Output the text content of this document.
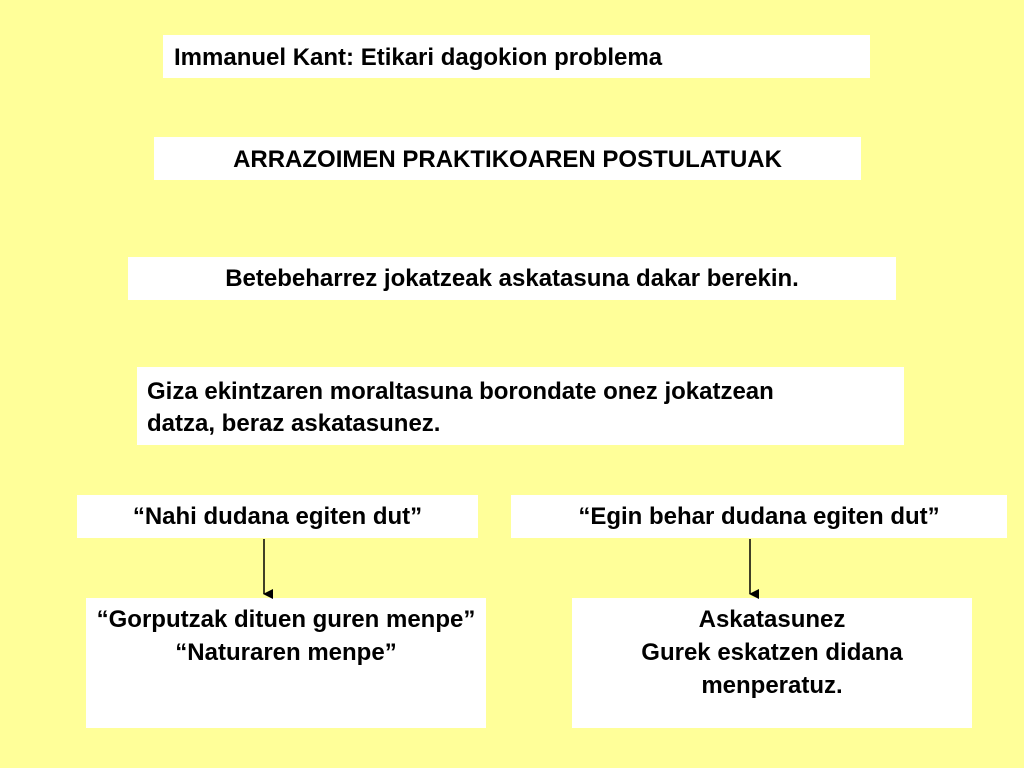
Immanuel Kant: Etikari dagokion problema
ARRAZOIMEN PRAKTIKOAREN POSTULATUAK
Betebeharrez jokatzeak askatasuna dakar berekin.
Giza ekintzaren moraltasuna borondate onez jokatzean
datza, beraz askatasunez.
“Nahi dudana egiten dut”	“Egin behar dudana egiten dut”
“Gorputzak dituen guren menpe”
“Naturaren menpe”
Askatasunez
Gurek eskatzen didana menperatuz.
